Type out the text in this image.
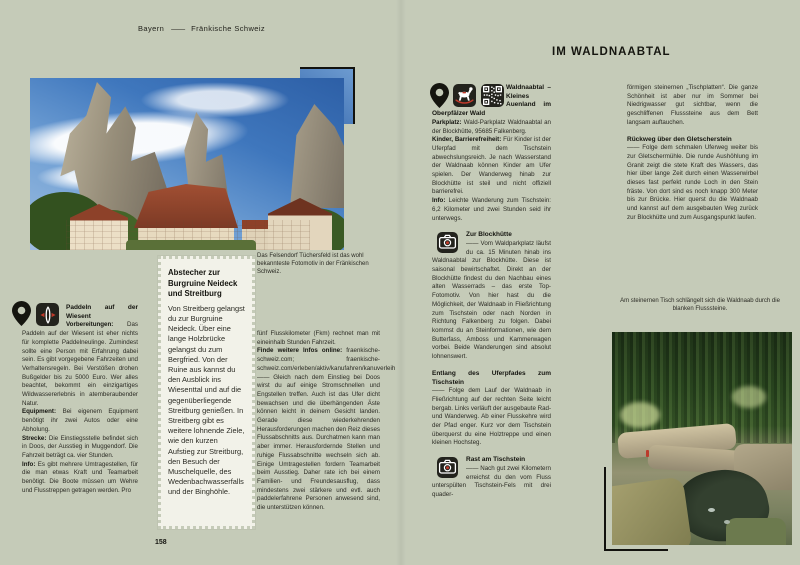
Bayern —— Fränkische Schweiz
IM WALDNAABTAL
Das Felsendorf Tüchersfeld ist das wohl bekannteste Fotomotiv in der Fränkischen Schweiz.
Paddeln auf der Wiesent

Vorbereitungen: Das Paddeln auf der Wiesent ist eher nichts für komplette Paddelneulinge. Zumindest sollte eine Person mit Erfahrung dabei sein. Es gibt vorgegebene Fahrzeiten und Verhaltensregeln. Bei Verstößen drohen Bußgelder bis zu 5000 Euro. Wer alles beachtet, bekommt ein einzigartiges Wildwassererlebnis in atemberaubender Natur.

Equipment: Bei eigenem Equipment benötigt ihr zwei Autos oder eine Abholung.

Strecke: Die Einstiegsstelle befindet sich in Doos, der Ausstieg in Muggendorf. Die Fahrzeit beträgt ca. vier Stunden.

Info: Es gibt mehrere Umtragestellen, für die man etwas Kraft und Teamarbeit benötigt. Die Boote müssen um Wehre und Flusstreppen getragen werden. Pro

Abstecher zur Burgruine Neideck und Streitburg
Von Streitberg gelangst du zur Burgruine Neideck. Über eine lange Holzbrücke gelangst du zum Bergfried. Von der Ruine aus kannst du den Ausblick ins Wiesenttal und auf die gegenüberliegende Streitburg genießen. In Streitberg gibt es weitere lohnende Ziele, wie den kurzen Aufstieg zur Streitburg, den Besuch der Muschelquelle, des Wedenbachwasserfalls und der Binghöhle.

fünf Flusskilometer (Fkm) rechnet man mit eineinhalb Stunden Fahrzeit.

Finde weitere Infos online: fraenkische-schweiz.com; fraenkische-schweiz.com/erleben/aktiv/kanufahren/kanuverleih

—— Gleich nach dem Einstieg bei Doos wirst du auf einige Stromschnellen und Engstellen treffen. Auch ist das Ufer dicht bewachsen und die überhängenden Äste können leicht in deinem Gesicht landen. Gerade diese wiederkehrenden Herausforderungen machen den Reiz dieses Flussabschnitts aus. Durchatmen kann man aber immer. Herausfordernde Stellen und ruhige Flussabschnitte wechseln sich ab. Einige Umtragestellen fordern Teamarbeit beim Ausstieg. Daher rate ich bei einem Familien- und Freundesausflug, dass mindestens zwei stärkere und evtl. auch paddelerfahrene Personen anwesend sind, die unterstützen können.

158
Waldnaabtal – Kleines Auenland im Oberpfälzer Wald

Parkplatz: Wald-Parkplatz Waldnaabtal an der Blockhütte, 95685 Falkenberg.

Kinder, Barrierefreiheit: Für Kinder ist der Uferpfad mit dem Tischstein abwechslungsreich. Je nach Wasserstand der Waldnaab können Kinder am Ufer spielen. Der Wanderweg hinab zur Blockhütte ist steil und nicht offiziell barrierefrei.

Info: Leichte Wanderung zum Tischstein: 6,2 Kilometer und zwei Stunden seid ihr unterwegs.

Zur Blockhütte

—— Vom Waldparkplatz läufst du ca. 15 Minuten hinab ins Waldnaabtal zur Blockhütte. Diese ist saisonal bewirtschaftet. Direkt an der Blockhütte findest du den Nachbau eines alten Wasserrads – das erste Top-Fotomotiv. Von hier hast du die Möglichkeit, der Waldnaab in Fließrichtung zum Tischstein oder nach Norden in Richtung Falkenberg zu folgen. Dabei kommst du an Steinformationen, wie dem Butterfass, Amboss und Kammerwagen vorbei. Beide Wanderungen sind absolut lohnenswert.

Entlang des Uferpfades zum Tischstein

—— Folge dem Lauf der Waldnaab in Fließrichtung auf der rechten Seite leicht bergab. Links verläuft der ausgebaute Rad- und Wanderweg. Ab einer Flusskehre wird der Pfad enger. Kurz vor dem Tischstein überquerst du eine Holztreppe und einen kleinen Hochsteg.

Rast am Tischstein

—— Nach gut zwei Kilometern erreichst du den vom Fluss unterspülten Tischstein-Fels mit drei quader-

förmigen steinernen „Tischplatten“. Die ganze Schönheit ist aber nur im Sommer bei Niedrigwasser gut sichtbar, wenn die geschliffenen Flusssteine aus dem Bett langsam auftauchen.

Rückweg über den Gletscherstein

—— Folge dem schmalen Uferweg weiter bis zur Gletschermühle. Die runde Aushöhlung im Granit zeigt die stete Kraft des Wassers, das hier über lange Zeit durch einen Wasserwirbel dieses fast perfekt runde Loch in den Stein fräste. Von dort sind es noch knapp 300 Meter bis zur Brücke. Hier querst du die Waldnaab und kannst auf dem ausgebauten Weg zurück zur Blockhütte und zum Ausgangspunkt laufen.

Am steinernen Tisch schlängelt sich die Waldnaab durch die blanken Flusssteine.
